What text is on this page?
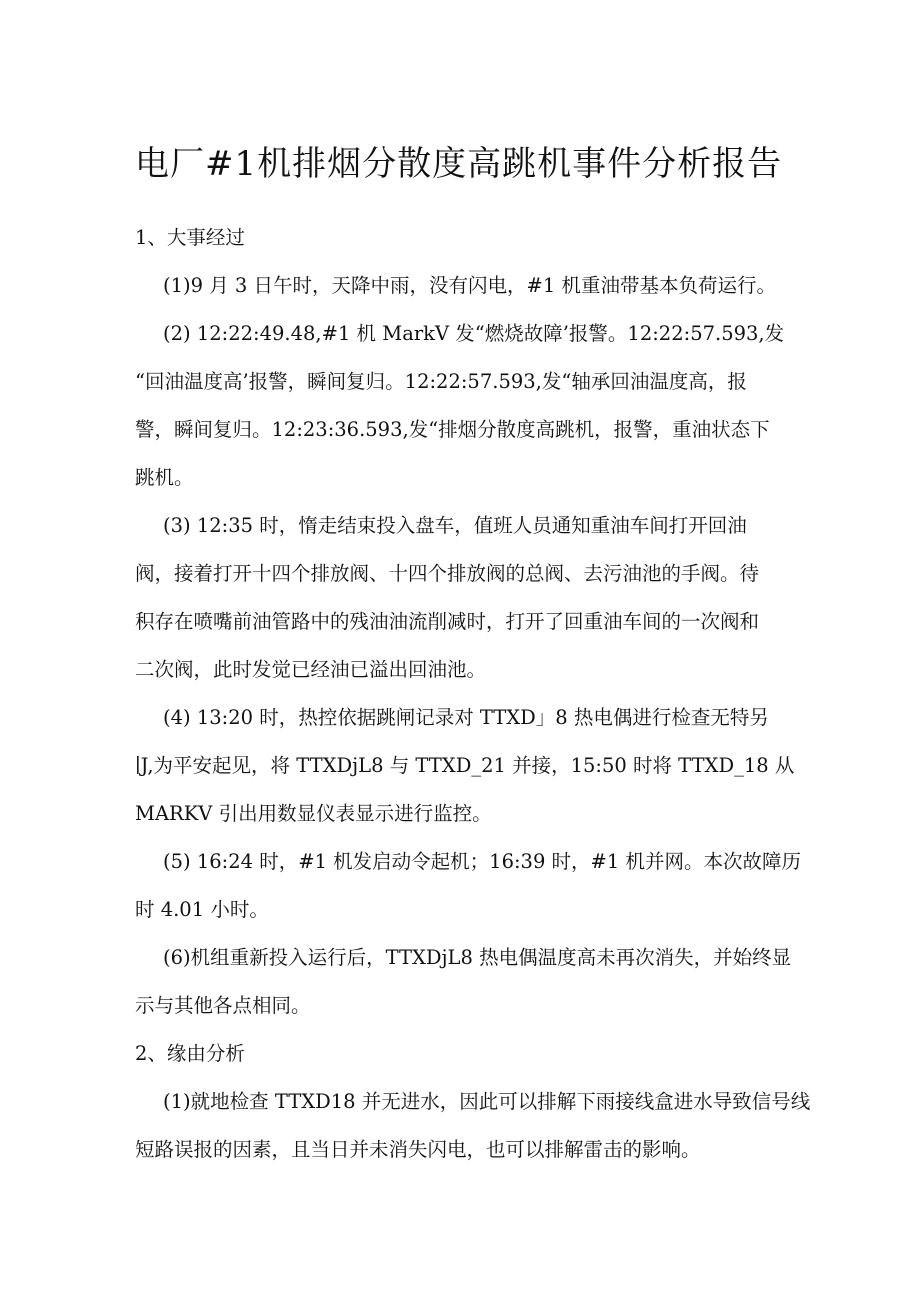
电厂#1机排烟分散度高跳机事件分析报告
1、大事经过

(1)9 月 3 日午时，天降中雨，没有闪电，#1 机重油带基本负荷运行。

(2) 12:22:49.48,#1 机 MarkV 发“燃烧故障’报警。12:22:57.593,发
“回油温度高’报警，瞬间复归。12:22:57.593,发“轴承回油温度高，报
警，瞬间复归。12:23:36.593,发“排烟分散度高跳机，报警，重油状态下
跳机。

(3) 12:35 时，惰走结束投入盘车，值班人员通知重油车间打开回油
阀，接着打开十四个排放阀、十四个排放阀的总阀、去污油池的手阀。待
积存在喷嘴前油管路中的残油油流削减时，打开了回重油车间的一次阀和
二次阀，此时发觉已经油已溢出回油池。

(4) 13:20 时，热控依据跳闸记录对 TTXD」8 热电偶进行检查无特另
∣J,为平安起见，将 TTXDjL8 与 TTXD_21 并接，15:50 时将 TTXD_18 从
MARKV 引出用数显仪表显示进行监控。

(5) 16:24 时，#1 机发启动令起机；16:39 时，#1 机并网。本次故障历
时 4.01 小时。

(6)机组重新投入运行后，TTXDjL8 热电偶温度高未再次消失，并始终显
示与其他各点相同。

2、缘由分析

(1)就地检查 TTXD18 并无进水，因此可以排解下雨接线盒进水导致信号线
短路误报的因素，且当日并未消失闪电，也可以排解雷击的影响。
